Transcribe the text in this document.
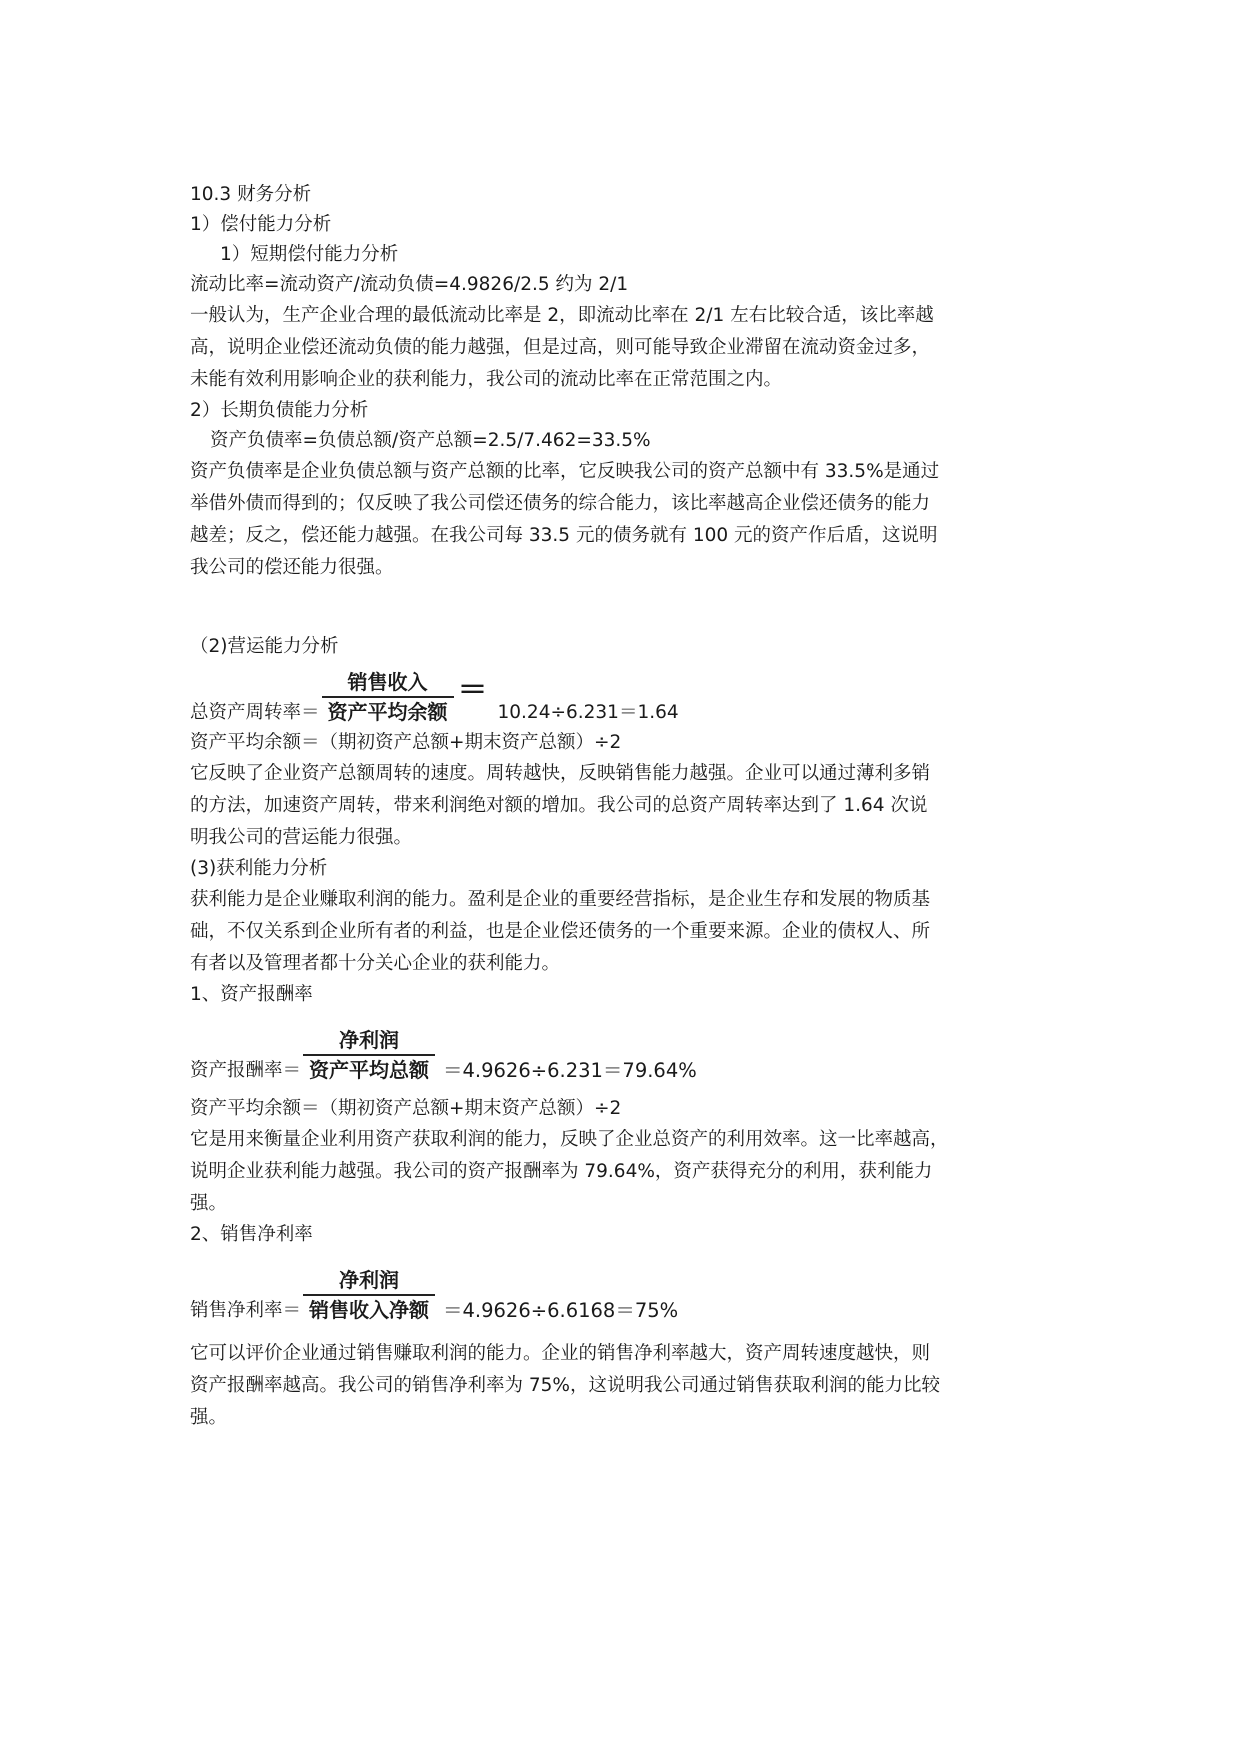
10.3 财务分析
1）偿付能力分析
1）短期偿付能力分析
流动比率=流动资产/流动负债=4.9826/2.5 约为 2/1
一般认为，生产企业合理的最低流动比率是 2，即流动比率在 2/1 左右比较合适，该比率越
高，说明企业偿还流动负债的能力越强，但是过高，则可能导致企业滞留在流动资金过多，
未能有效利用影响企业的获利能力，我公司的流动比率在正常范围之内。
2）长期负债能力分析
资产负债率=负债总额/资产总额=2.5/7.462=33.5%
资产负债率是企业负债总额与资产总额的比率，它反映我公司的资产总额中有 33.5%是通过
举借外债而得到的；仅反映了我公司偿还债务的综合能力，该比率越高企业偿还债务的能力
越差；反之，偿还能力越强。在我公司每 33.5 元的债务就有 100 元的资产作后盾，这说明
我公司的偿还能力很强。
（2)营运能力分析
总资产周转率＝ $\frac{\text{销售收入}}{\text{资产平均余额}}$ ＝
10.24÷6.231＝1.64
资产平均余额＝（期初资产总额+期末资产总额）÷2
它反映了企业资产总额周转的速度。周转越快，反映销售能力越强。企业可以通过薄利多销
的方法，加速资产周转，带来利润绝对额的增加。我公司的总资产周转率达到了 1.64 次说
明我公司的营运能力很强。
(3)获利能力分析
获利能力是企业赚取利润的能力。盈利是企业的重要经营指标，是企业生存和发展的物质基
础，不仅关系到企业所有者的利益，也是企业偿还债务的一个重要来源。企业的债权人、所
有者以及管理者都十分关心企业的获利能力。
1、资产报酬率
资产报酬率＝ $\frac{\text{净利润}}{\text{资产平均总额}} =4.9626\div 6.231=79.64\%$
资产平均余额＝（期初资产总额+期末资产总额）÷2
它是用来衡量企业利用资产获取利润的能力，反映了企业总资产的利用效率。这一比率越高，
说明企业获利能力越强。我公司的资产报酬率为 79.64%，资产获得充分的利用，获利能力
强。
2、销售净利率
销售净利率＝ $\frac{\text{净利润}}{\text{销售收入净额}} =4.9626\div 6.6168=75\%$
它可以评价企业通过销售赚取利润的能力。企业的销售净利率越大，资产周转速度越快，则
资产报酬率越高。我公司的销售净利率为 75%，这说明我公司通过销售获取利润的能力比较
强。
